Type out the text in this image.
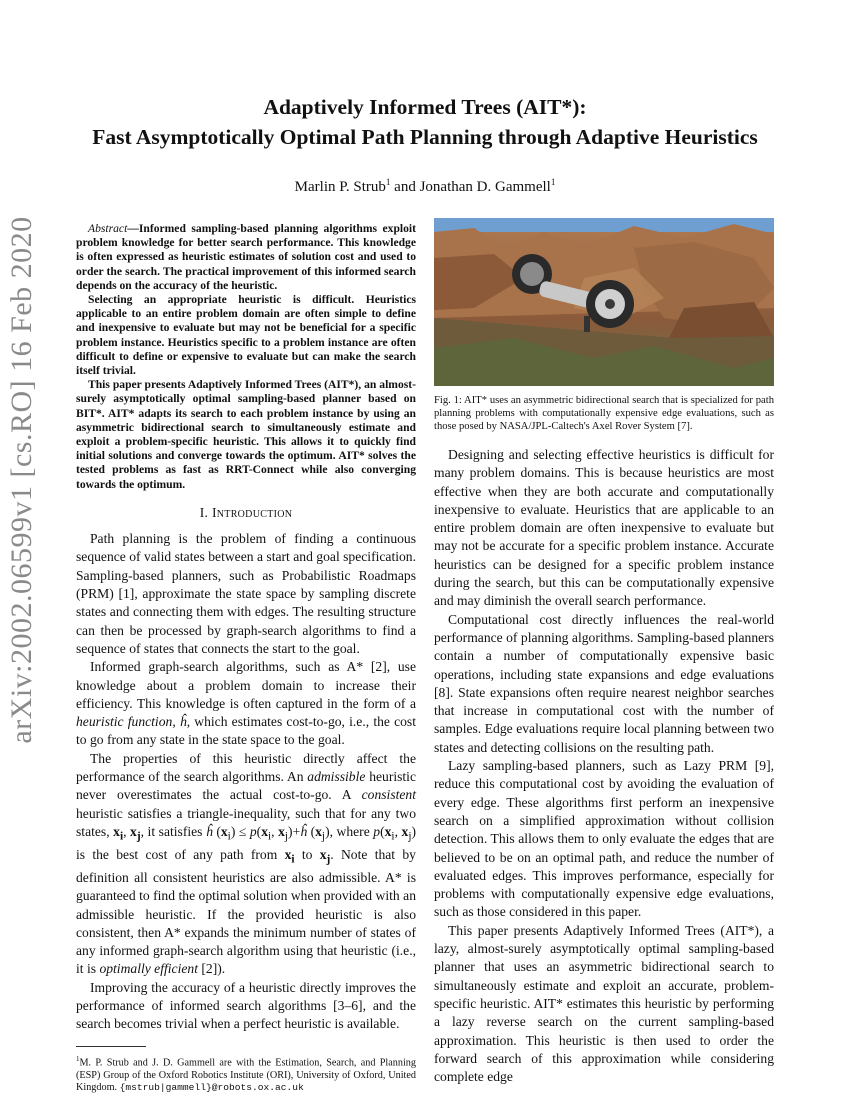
arXiv:2002.06599v1 [cs.RO] 16 Feb 2020

Adaptively Informed Trees (AIT*):

Fast Asymptotically Optimal Path Planning through Adaptive Heuristics

Marlin P. Strub$^1$ and Jonathan D. Gammell$^1$

Abstract—Informed sampling-based planning algorithms exploit problem knowledge for better search performance. This knowledge is often expressed as heuristic estimates of solution cost and used to order the search. The practical improvement of this informed search depends on the accuracy of the heuristic.

Selecting an appropriate heuristic is difficult. Heuristics applicable to an entire problem domain are often simple to define and inexpensive to evaluate but may not be beneficial for a specific problem instance. Heuristics specific to a problem instance are often difficult to define or expensive to evaluate but can make the search itself trivial.

This paper presents Adaptively Informed Trees (AIT*), an almost-surely asymptotically optimal sampling-based planner based on BIT*. AIT* adapts its search to each problem instance by using an asymmetric bidirectional search to simultaneously estimate and exploit a problem-specific heuristic. This allows it to quickly find initial solutions and converge towards the optimum. AIT* solves the tested problems as fast as RRT-Connect while also converging towards the optimum.

I. Introduction

Path planning is the problem of finding a continuous sequence of valid states between a start and goal specification. Sampling-based planners, such as Probabilistic Roadmaps (PRM) [1], approximate the state space by sampling discrete states and connecting them with edges. The resulting structure can then be processed by graph-search algorithms to find a sequence of states that connects the start to the goal.

Informed graph-search algorithms, such as A* [2], use knowledge about a problem domain to increase their efficiency. This knowledge is often captured in the form of a heuristic function, ĥ, which estimates cost-to-go, i.e., the cost to go from any state in the state space to the goal.

The properties of this heuristic directly affect the performance of the search algorithms. An admissible heuristic never overestimates the actual cost-to-go. A consistent heuristic satisfies a triangle-inequality, such that for any two states, $x_i$, $x_j$, it satisfies ĥ $(x_i) \le p(x_i$, $x_j)+ĥ$ $(x_j)$, where $p(x_i$, $x_j$) is the best cost of any path from $x_i$ to $x_j$. Note that by definition all consistent heuristics are also admissible. A* is guaranteed to find the optimal solution when provided with an admissible heuristic. If the provided heuristic is also consistent, then A* expands the minimum number of states of any informed graph-search algorithm using that heuristic (i.e., it is optimally efficient [2]).

Improving the accuracy of a heuristic directly improves the performance of informed search algorithms [3–6], and the search becomes trivial when a perfect heuristic is available.

$^1$M. P. Strub and J. D. Gammell are with the Estimation, Search, and Planning (ESP) Group of the Oxford Robotics Institute (ORI), University of Oxford, United Kingdom. {mstrub|gammell}@robots.ox.ac.uk
Fig. 1: AIT* uses an asymmetric bidirectional search that is specialized for path planning problems with computationally expensive edge evaluations, such as those posed by NASA/JPL-Caltech's Axel Rover System [7].

Designing and selecting effective heuristics is difficult for many problem domains. This is because heuristics are most effective when they are both accurate and computationally inexpensive to evaluate. Heuristics that are applicable to an entire problem domain are often inexpensive to evaluate but may not be accurate for a specific problem instance. Accurate heuristics can be designed for a specific problem instance during the search, but this can be computationally expensive and may diminish the overall search performance.

Computational cost directly influences the real-world performance of planning algorithms. Sampling-based planners contain a number of computationally expensive basic operations, including state expansions and edge evaluations [8]. State expansions often require nearest neighbor searches that increase in computational cost with the number of samples. Edge evaluations require local planning between two states and detecting collisions on the resulting path.

Lazy sampling-based planners, such as Lazy PRM [9], reduce this computational cost by avoiding the evaluation of every edge. These algorithms first perform an inexpensive search on a simplified approximation without collision detection. This allows them to only evaluate the edges that are believed to be on an optimal path, and reduce the number of evaluated edges. This improves performance, especially for problems with computationally expensive edge evaluations, such as those considered in this paper.

This paper presents Adaptively Informed Trees (AIT*), a lazy, almost-surely asymptotically optimal sampling-based planner that uses an asymmetric bidirectional search to simultaneously estimate and exploit an accurate, problem-specific heuristic. AIT* estimates this heuristic by performing a lazy reverse search on the current sampling-based approximation. This heuristic is then used to order the forward search of this approximation while considering complete edge
